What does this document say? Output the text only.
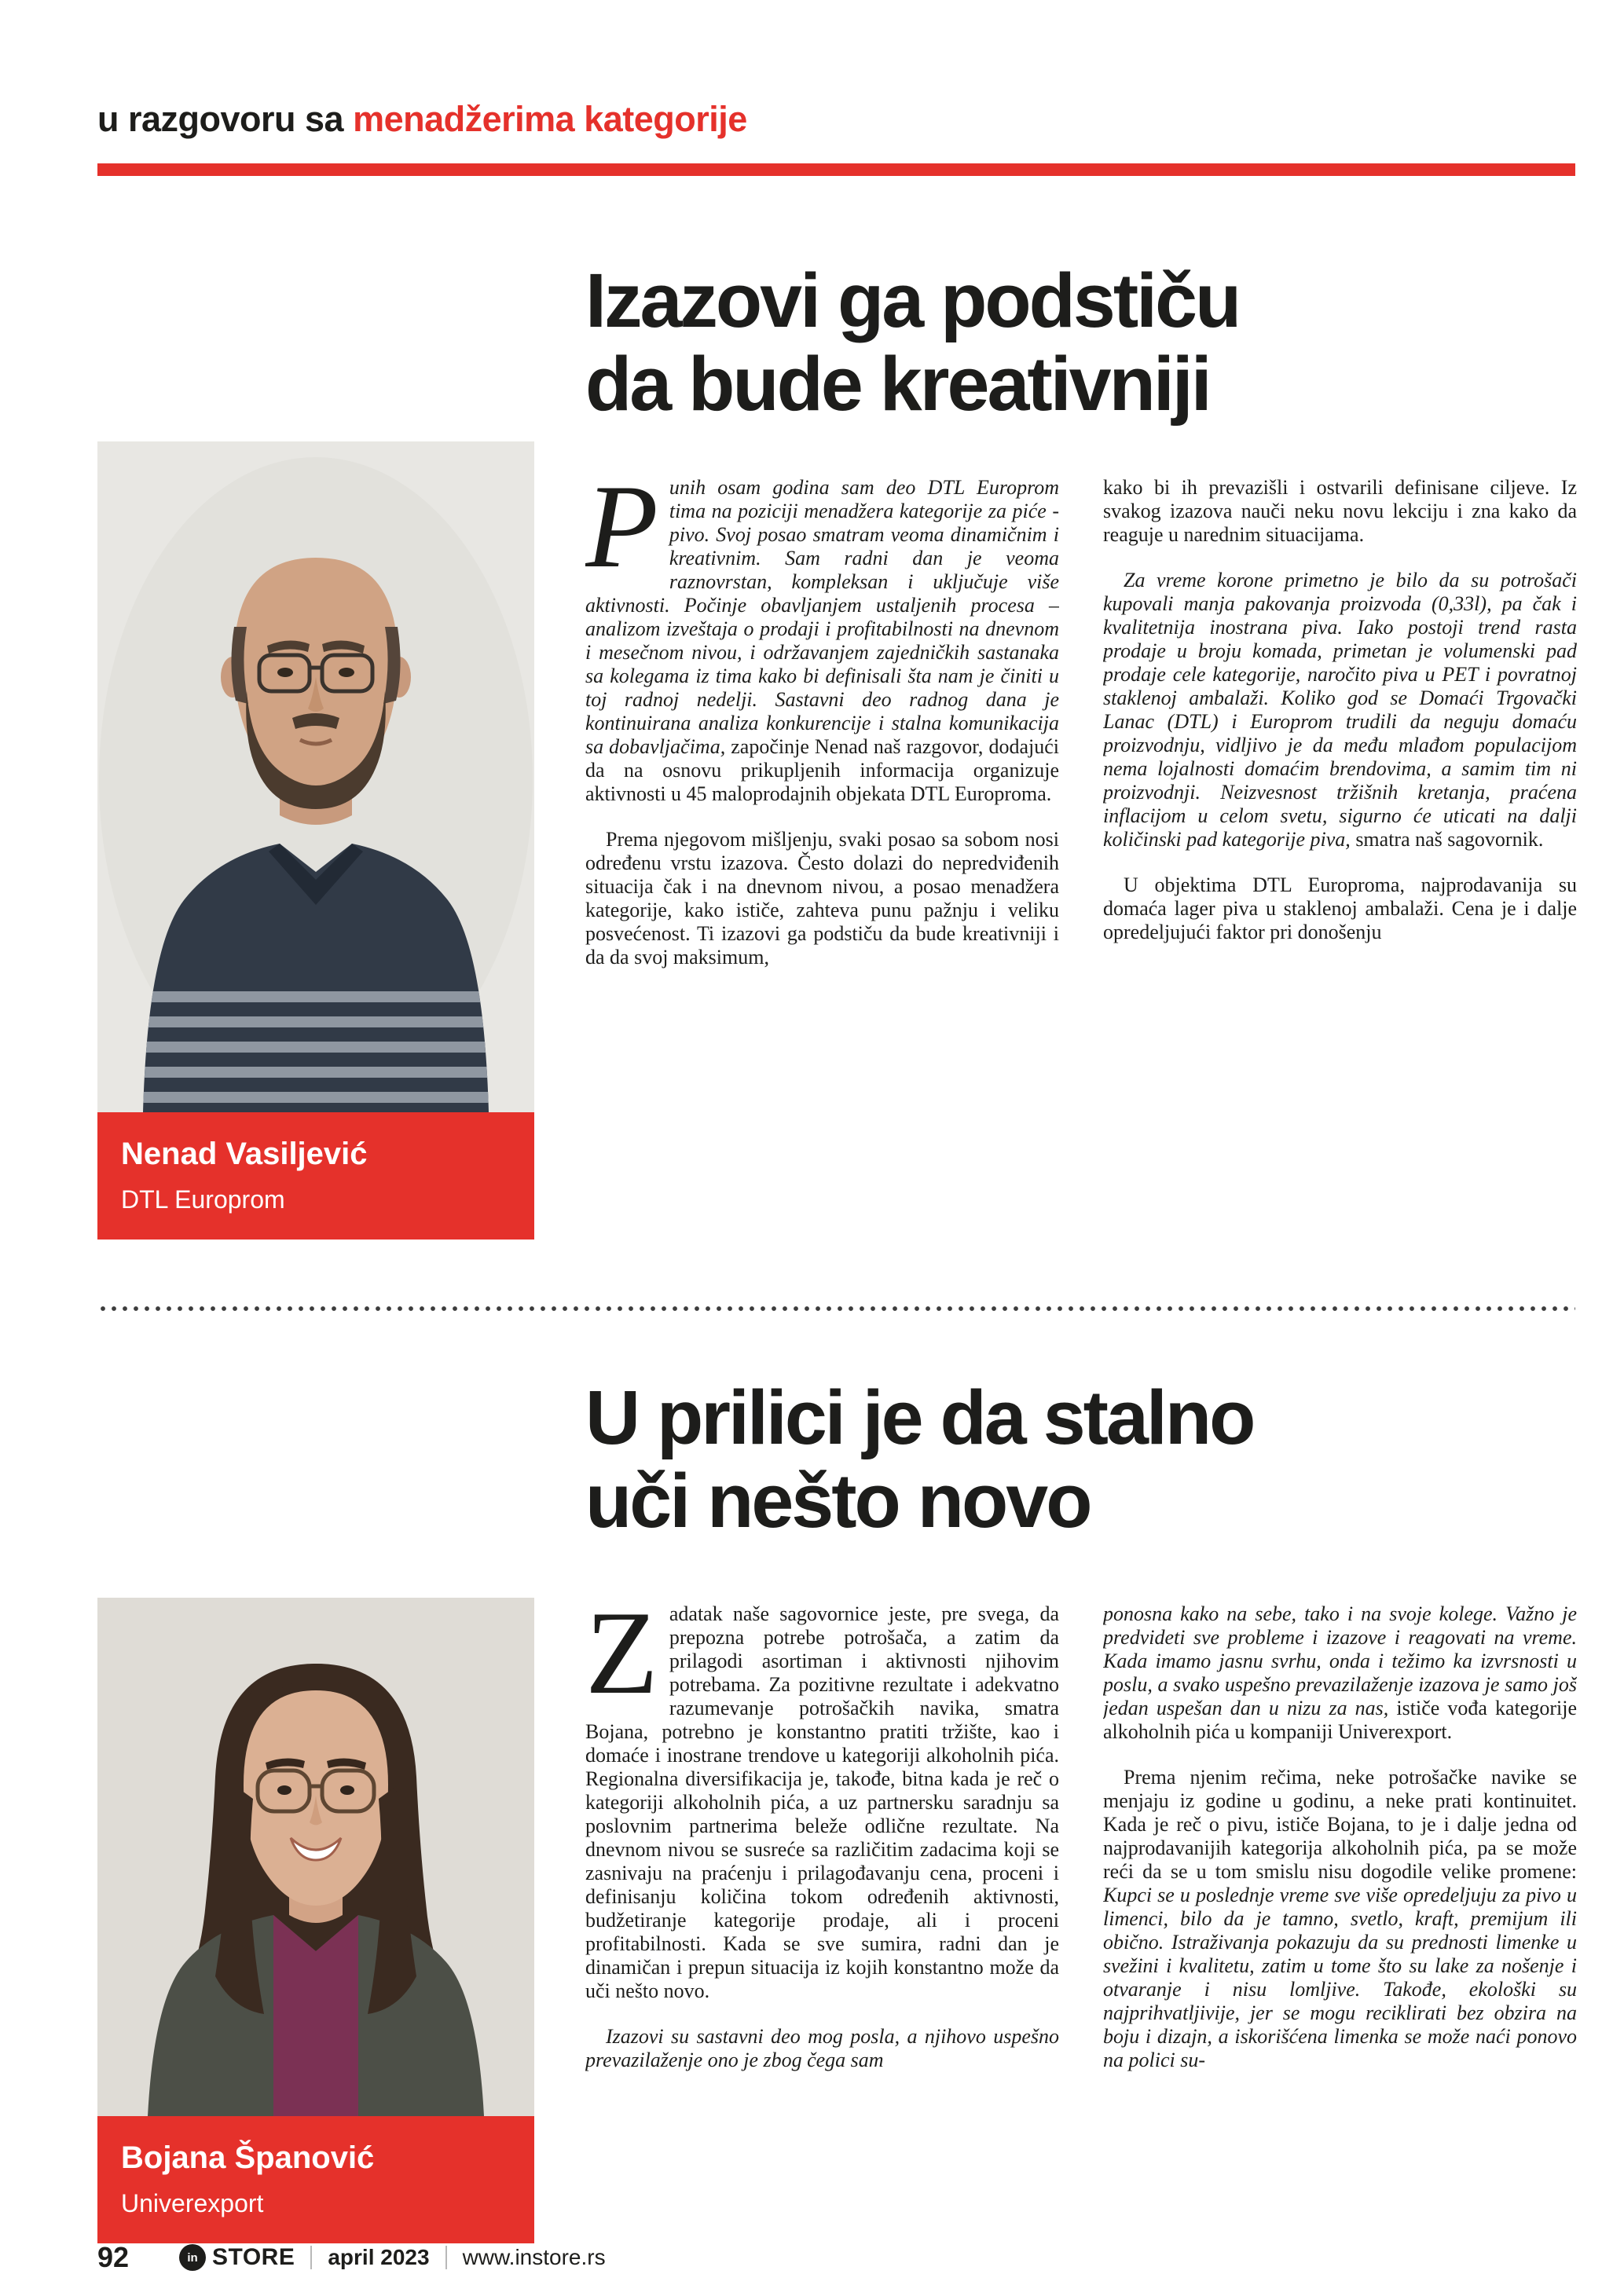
u razgovoru sa menadžerima kategorije
Izazovi ga podstiču
da bude kreativniji
Nenad Vasiljević
DTL Europrom

Punih osam godina sam deo DTL Europrom tima na poziciji menadžera kategorije za piće - pivo. Svoj posao smatram veoma dinamičnim i kreativnim. Sam radni dan je veoma raznovrstan, kompleksan i uključuje više aktivnosti. Počinje obavljanjem ustaljenih procesa – analizom izveštaja o prodaji i profitabilnosti na dnevnom i mesečnom nivou, i održavanjem zajedničkih sastanaka sa kolegama iz tima kako bi definisali šta nam je činiti u toj radnoj nedelji. Sastavni deo radnog dana je kontinuirana analiza konkurencije i stalna komunikacija sa dobavljačima, započinje Nenad naš razgovor, dodajući da na osnovu prikupljenih informacija organizuje aktivnosti u 45 maloprodajnih objekata DTL Europroma.

Prema njegovom mišljenju, svaki posao sa sobom nosi određenu vrstu izazova. Često dolazi do nepredviđenih situacija čak i na dnevnom nivou, a posao menadžera kategorije, kako ističe, zahteva punu pažnju i veliku posvećenost. Ti izazovi ga podstiču da bude kreativniji i da da svoj maksimum,

kako bi ih prevazišli i ostvarili definisane ciljeve. Iz svakog izazova nauči neku novu lekciju i zna kako da reaguje u narednim situacijama.

Za vreme korone primetno je bilo da su potrošači kupovali manja pakovanja proizvoda (0,33l), pa čak i kvalitetnija inostrana piva. Iako postoji trend rasta prodaje u broju komada, primetan je volumenski pad prodaje cele kategorije, naročito piva u PET i povratnoj staklenoj ambalaži. Koliko god se Domaći Trgovački Lanac (DTL) i Europrom trudili da neguju domaću proizvodnju, vidljivo je da među mlađom populacijom nema lojalnosti domaćim brendovima, a samim tim ni proizvodnji. Neizvesnost tržišnih kretanja, praćena inflacijom u celom svetu, sigurno će uticati na dalji količinski pad kategorije piva, smatra naš sagovornik.

U objektima DTL Europroma, najprodavanija su domaća lager piva u staklenoj ambalaži. Cena je i dalje opredeljujući faktor pri donošenju

U prilici je da stalno
uči nešto novo
Bojana Španović
Univerexport

Zadatak naše sagovornice jeste, pre svega, da prepozna potrebe potrošača, a zatim da prilagodi asortiman i aktivnosti njihovim potrebama. Za pozitivne rezultate i adekvatno razumevanje potrošačkih navika, smatra Bojana, potrebno je konstantno pratiti tržište, kao i domaće i inostrane trendove u kategoriji alkoholnih pića. Regionalna diversifikacija je, takođe, bitna kada je reč o kategoriji alkoholnih pića, a uz partnersku saradnju sa poslovnim partnerima beleže odlične rezultate. Na dnevnom nivou se susreće sa različitim zadacima koji se zasnivaju na praćenju i prilagođavanju cena, proceni i definisanju količina tokom određenih aktivnosti, budžetiranje kategorije prodaje, ali i proceni profitabilnosti. Kada se sve sumira, radni dan je dinamičan i prepun situacija iz kojih konstantno može da uči nešto novo.

Izazovi su sastavni deo mog posla, a njihovo uspešno prevazilaženje ono je zbog čega sam

ponosna kako na sebe, tako i na svoje kolege. Važno je predvideti sve probleme i izazove i reagovati na vreme. Kada imamo jasnu svrhu, onda i težimo ka izvrsnosti u poslu, a svako uspešno prevazilaženje izazova je samo još jedan uspešan dan u nizu za nas, ističe vođa kategorije alkoholnih pića u kompaniji Univerexport.

Prema njenim rečima, neke potrošačke navike se menjaju iz godine u godinu, a neke prati kontinuitet. Kada je reč o pivu, ističe Bojana, to je i dalje jedna od najprodavanijih kategorija alkoholnih pića, pa se može reći da se u tom smislu nisu dogodile velike promene: Kupci se u poslednje vreme sve više opredeljuju za pivo u limenci, bilo da je tamno, svetlo, kraft, premijum ili obično. Istraživanja pokazuju da su prednosti limenke u svežini i kvalitetu, zatim u tome što su lake za nošenje i otvaranje i nisu lomljive. Takođe, ekološki su najprihvatljivije, jer se mogu reciklirati bez obzira na boju i dizajn, a iskorišćena limenka se može naći ponovo na polici su-

92	in STORE april 2023 www.instore.rs
